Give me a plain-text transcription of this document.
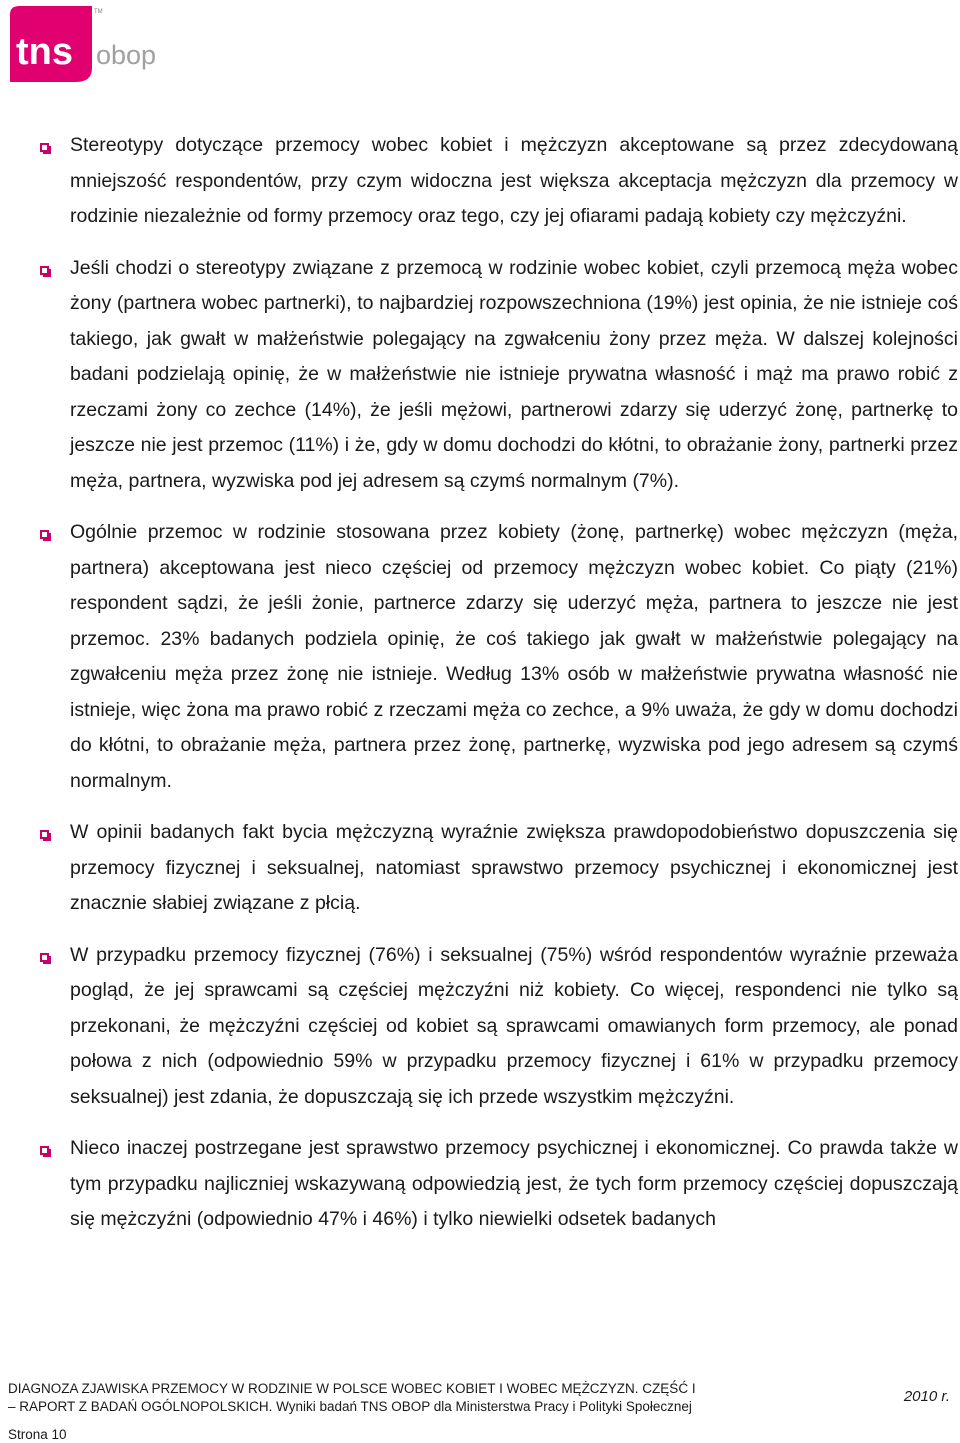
tns obop
TM

Stereotypy dotyczące przemocy wobec kobiet i mężczyzn akceptowane są przez zdecydowaną mniejszość respondentów, przy czym widoczna jest większa akceptacja mężczyzn dla przemocy w rodzinie niezależnie od formy przemocy oraz tego, czy jej ofiarami padają kobiety czy mężczyźni.

Jeśli chodzi o stereotypy związane z przemocą w rodzinie wobec kobiet, czyli przemocą męża wobec żony (partnera wobec partnerki), to najbardziej rozpowszechniona (19%) jest opinia, że nie istnieje coś takiego, jak gwałt w małżeństwie polegający na zgwałceniu żony przez męża. W dalszej kolejności badani podzielają opinię, że w małżeństwie nie istnieje prywatna własność i mąż ma prawo robić z rzeczami żony co zechce (14%), że jeśli mężowi, partnerowi zdarzy się uderzyć żonę, partnerkę to jeszcze nie jest przemoc (11%) i że, gdy w domu dochodzi do kłótni, to obrażanie żony, partnerki przez męża, partnera, wyzwiska pod jej adresem są czymś normalnym (7%).

Ogólnie przemoc w rodzinie stosowana przez kobiety (żonę, partnerkę) wobec mężczyzn (męża, partnera) akceptowana jest nieco częściej od przemocy mężczyzn wobec kobiet. Co piąty (21%) respondent sądzi, że jeśli żonie, partnerce zdarzy się uderzyć męża, partnera to jeszcze nie jest przemoc. 23% badanych podziela opinię, że coś takiego jak gwałt w małżeństwie polegający na zgwałceniu męża przez żonę nie istnieje. Według 13% osób w małżeństwie prywatna własność nie istnieje, więc żona ma prawo robić z rzeczami męża co zechce, a 9% uważa, że gdy w domu dochodzi do kłótni, to obrażanie męża, partnera przez żonę, partnerkę, wyzwiska pod jego adresem są czymś normalnym.

W opinii badanych fakt bycia mężczyzną wyraźnie zwiększa prawdopodobieństwo dopuszczenia się przemocy fizycznej i seksualnej, natomiast sprawstwo przemocy psychicznej i ekonomicznej jest znacznie słabiej związane z płcią.

W przypadku przemocy fizycznej (76%) i seksualnej (75%) wśród respondentów wyraźnie przeważa pogląd, że jej sprawcami są częściej mężczyźni niż kobiety. Co więcej, respondenci nie tylko są przekonani, że mężczyźni częściej od kobiet są sprawcami omawianych form przemocy, ale ponad połowa z nich (odpowiednio 59% w przypadku przemocy fizycznej i 61% w przypadku przemocy seksualnej) jest zdania, że dopuszczają się ich przede wszystkim mężczyźni.

Nieco inaczej postrzegane jest sprawstwo przemocy psychicznej i ekonomicznej. Co prawda także w tym przypadku najliczniej wskazywaną odpowiedzią jest, że tych form przemocy częściej dopuszczają się mężczyźni (odpowiednio 47% i 46%) i tylko niewielki odsetek badanych

DIAGNOZA ZJAWISKA PRZEMOCY W RODZINIE W POLSCE WOBEC KOBIET I WOBEC MĘŻCZYZN. CZĘŚĆ I
– RAPORT Z BADAŃ OGÓLNOPOLSKICH. Wyniki badań TNS OBOP dla Ministerstwa Pracy i Polityki Społecznej
2010 r.
Strona 10
